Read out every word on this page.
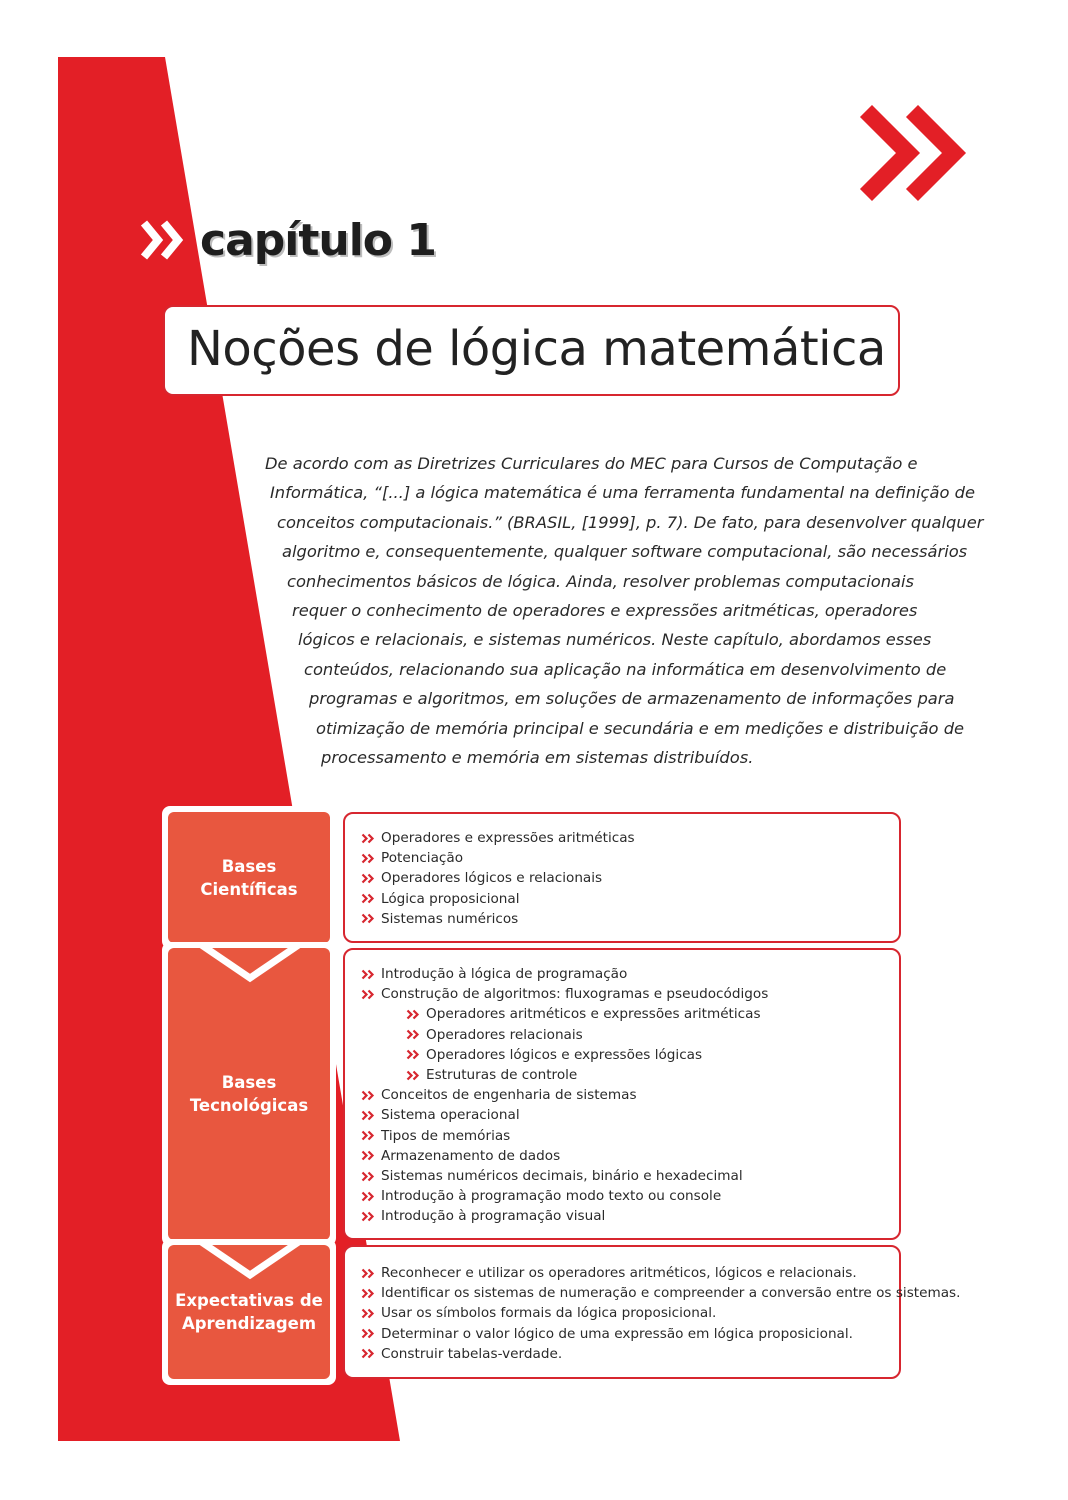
capítulo 1
Noções de lógica matemática
De acordo com as Diretrizes Curriculares do MEC para Cursos de Computação e
Informática, “[...] a lógica matemática é uma ferramenta fundamental na definição de
conceitos computacionais.” (BRASIL, [1999], p. 7). De fato, para desenvolver qualquer
algoritmo e, consequentemente, qualquer software computacional, são necessários
conhecimentos básicos de lógica. Ainda, resolver problemas computacionais
requer o conhecimento de operadores e expressões aritméticas, operadores
lógicos e relacionais, e sistemas numéricos. Neste capítulo, abordamos esses
conteúdos, relacionando sua aplicação na informática em desenvolvimento de
programas e algoritmos, em soluções de armazenamento de informações para
otimização de memória principal e secundária e em medições e distribuição de
processamento e memória em sistemas distribuídos.
Bases
Científicas
Operadores e expressões aritméticas
Potenciação
Operadores lógicos e relacionais
Lógica proposicional
Sistemas numéricos
Bases
Tecnológicas
Introdução à lógica de programação
Construção de algoritmos: fluxogramas e pseudocódigos
Operadores aritméticos e expressões aritméticas
Operadores relacionais
Operadores lógicos e expressões lógicas
Estruturas de controle
Conceitos de engenharia de sistemas
Sistema operacional
Tipos de memórias
Armazenamento de dados
Sistemas numéricos decimais, binário e hexadecimal
Introdução à programação modo texto ou console
Introdução à programação visual
Expectativas de
Aprendizagem
Reconhecer e utilizar os operadores aritméticos, lógicos e relacionais.
Identificar os sistemas de numeração e compreender a conversão entre os sistemas.
Usar os símbolos formais da lógica proposicional.
Determinar o valor lógico de uma expressão em lógica proposicional.
Construir tabelas-verdade.
